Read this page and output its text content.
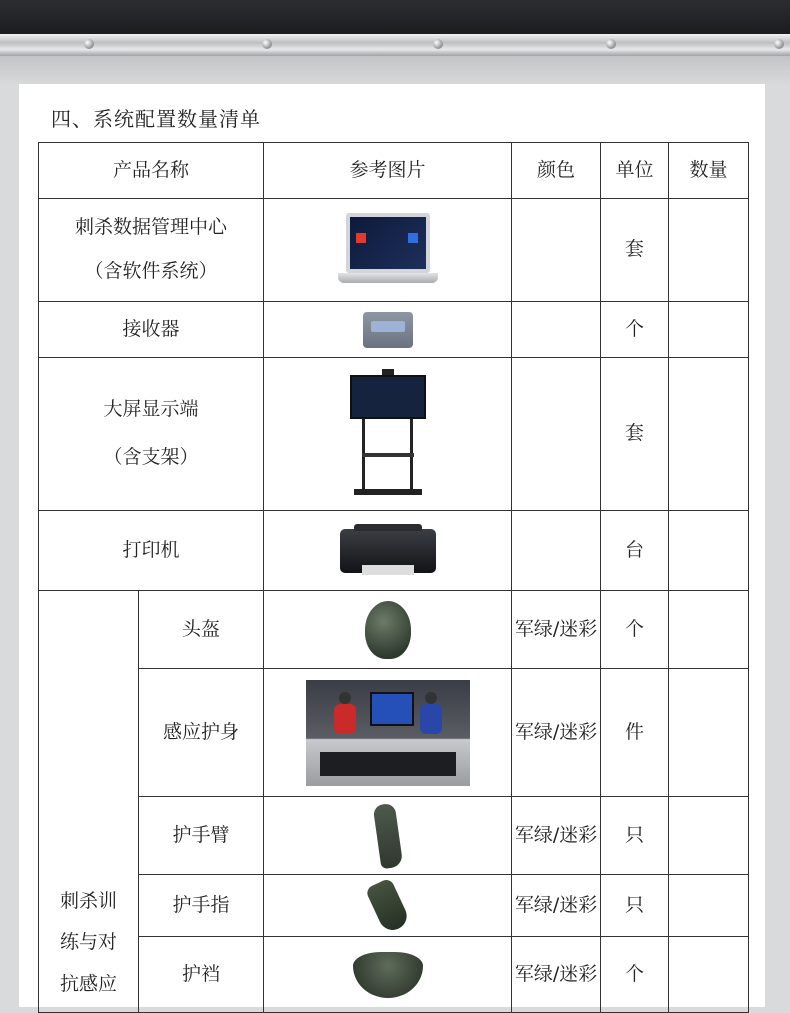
四、系统配置数量清单
产品名称		参考图片	颜色	单位	数量

刺杀数据管理中心
（含软件系统）				套	
接收器				个	

大屏显示端
（含支架）				套	
打印机				台	

刺杀训
练与对
抗感应	头盔		军绿/迷彩	个	
	感应护身		军绿/迷彩	件	
	护手臂		军绿/迷彩	只	
	护手指		军绿/迷彩	只	
	护裆		军绿/迷彩	个	
